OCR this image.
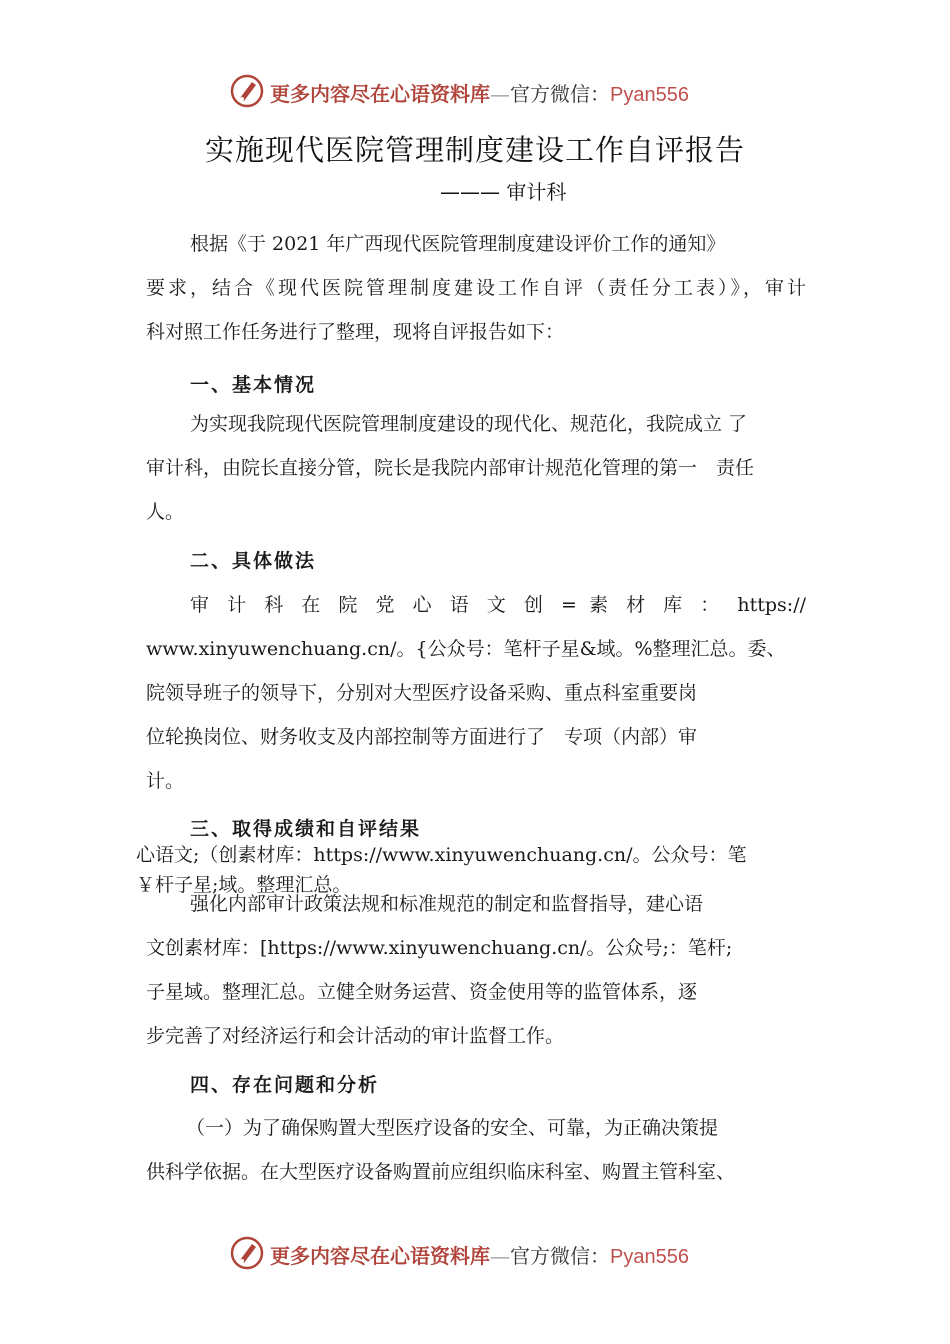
更多内容尽在心语资料库—官方微信：Pyan556
实施现代医院管理制度建设工作自评报告
——— 审计科
根据《于 2021 年广西现代医院管理制度建设评价工作的通知》
要求，结合《现代医院管理制度建设工作自评（责任分工表）》，审计
科对照工作任务进行了整理，现将自评报告如下：
一、基本情况
为实现我院现代医院管理制度建设的现代化、规范化，我院成立 了
审计科，由院长直接分管，院长是我院内部审计规范化管理的第一　责任
人。
二、具体做法
审 计 科 在 院 党 心 语 文 创 = 素 材 库 ： https://
www.xinyuwenchuang.cn/。{公众号：笔杆子星&域。%整理汇总。委、
院领导班子的领导下，分别对大型医疗设备采购、重点科室重要岗
位轮换岗位、财务收支及内部控制等方面进行了　专项（内部）审
计。
三、取得成绩和自评结果
心语文;（创素材库：https://www.xinyuwenchuang.cn/。公众号：笔
￥杆子星;域。整理汇总。
强化内部审计政策法规和标准规范的制定和监督指导，建心语
文创素材库：[https://www.xinyuwenchuang.cn/。公众号;：笔杆;
子星域。整理汇总。立健全财务运营、资金使用等的监管体系，逐
步完善了对经济运行和会计活动的审计监督工作。
四、存在问题和分析
（一）为了确保购置大型医疗设备的安全、可靠，为正确决策提
供科学依据。在大型医疗设备购置前应组织临床科室、购置主管科室、
更多内容尽在心语资料库—官方微信：Pyan556
